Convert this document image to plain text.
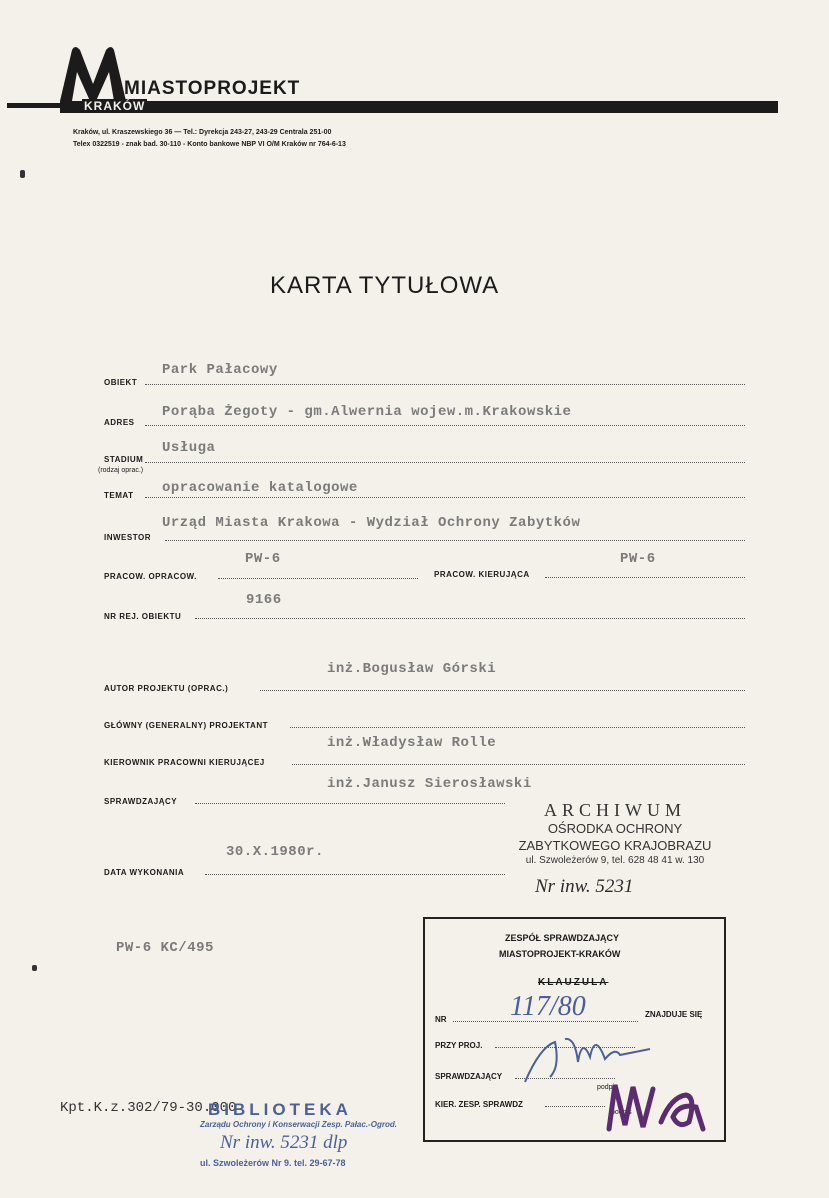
MIASTOPROJEKT
KRAKÓW
Kraków, ul. Kraszewskiego 36 — Tel.: Dyrekcja 243-27, 243-29 Centrala 251-00
Telex 0322519 - znak bad. 30-110 - Konto bankowe NBP VI O/M Kraków nr 764-6-13
KARTA TYTUŁOWA
Park Pałacowy
OBIEKT
Porąba Żegoty - gm.Alwernia wojew.m.Krakowskie
ADRES
Usługa
STADIUM
(rodzaj oprac.)
opracowanie katalogowe
TEMAT
Urząd Miasta Krakowa - Wydział Ochrony Zabytków
INWESTOR
PW-6
PRACOW. OPRACOW.
PW-6
PRACOW. KIERUJĄCA
9166
NR REJ. OBIEKTU
inż.Bogusław Górski
AUTOR PROJEKTU (OPRAC.)
GŁÓWNY (GENERALNY) PROJEKTANT
inż.Władysław Rolle
KIEROWNIK PRACOWNI KIERUJĄCEJ
inż.Janusz Sierosławski
SPRAWDZAJĄCY
30.X.1980r.
DATA WYKONANIA
ARCHIWUM
OŚRODKA OCHRONY
ZABYTKOWEGO KRAJOBRAZU
ul. Szwoleżerów 9, tel. 628 48 41 w. 130
Nr inw. 5231
PW-6 KC/495
ZESPÓŁ SPRAWDZAJĄCY
MIASTOPROJEKT-KRAKÓW
KLAUZULA
NR 117/80	ZNAJDUJE SIĘ
PRZY PROJ.
SPRAWDZAJĄCY
podpis
KIER. ZESP. SPRAWDZ
podpis
Kpt.K.z.302/79-30.000
BIBLIOTEKA
Zarządu Ochrony i Konserwacji Zesp. Pałac.-Ogrod.
Nr inw. 5231 dlp
ul. Szwoleżerów Nr 9. tel. 29-67-78
